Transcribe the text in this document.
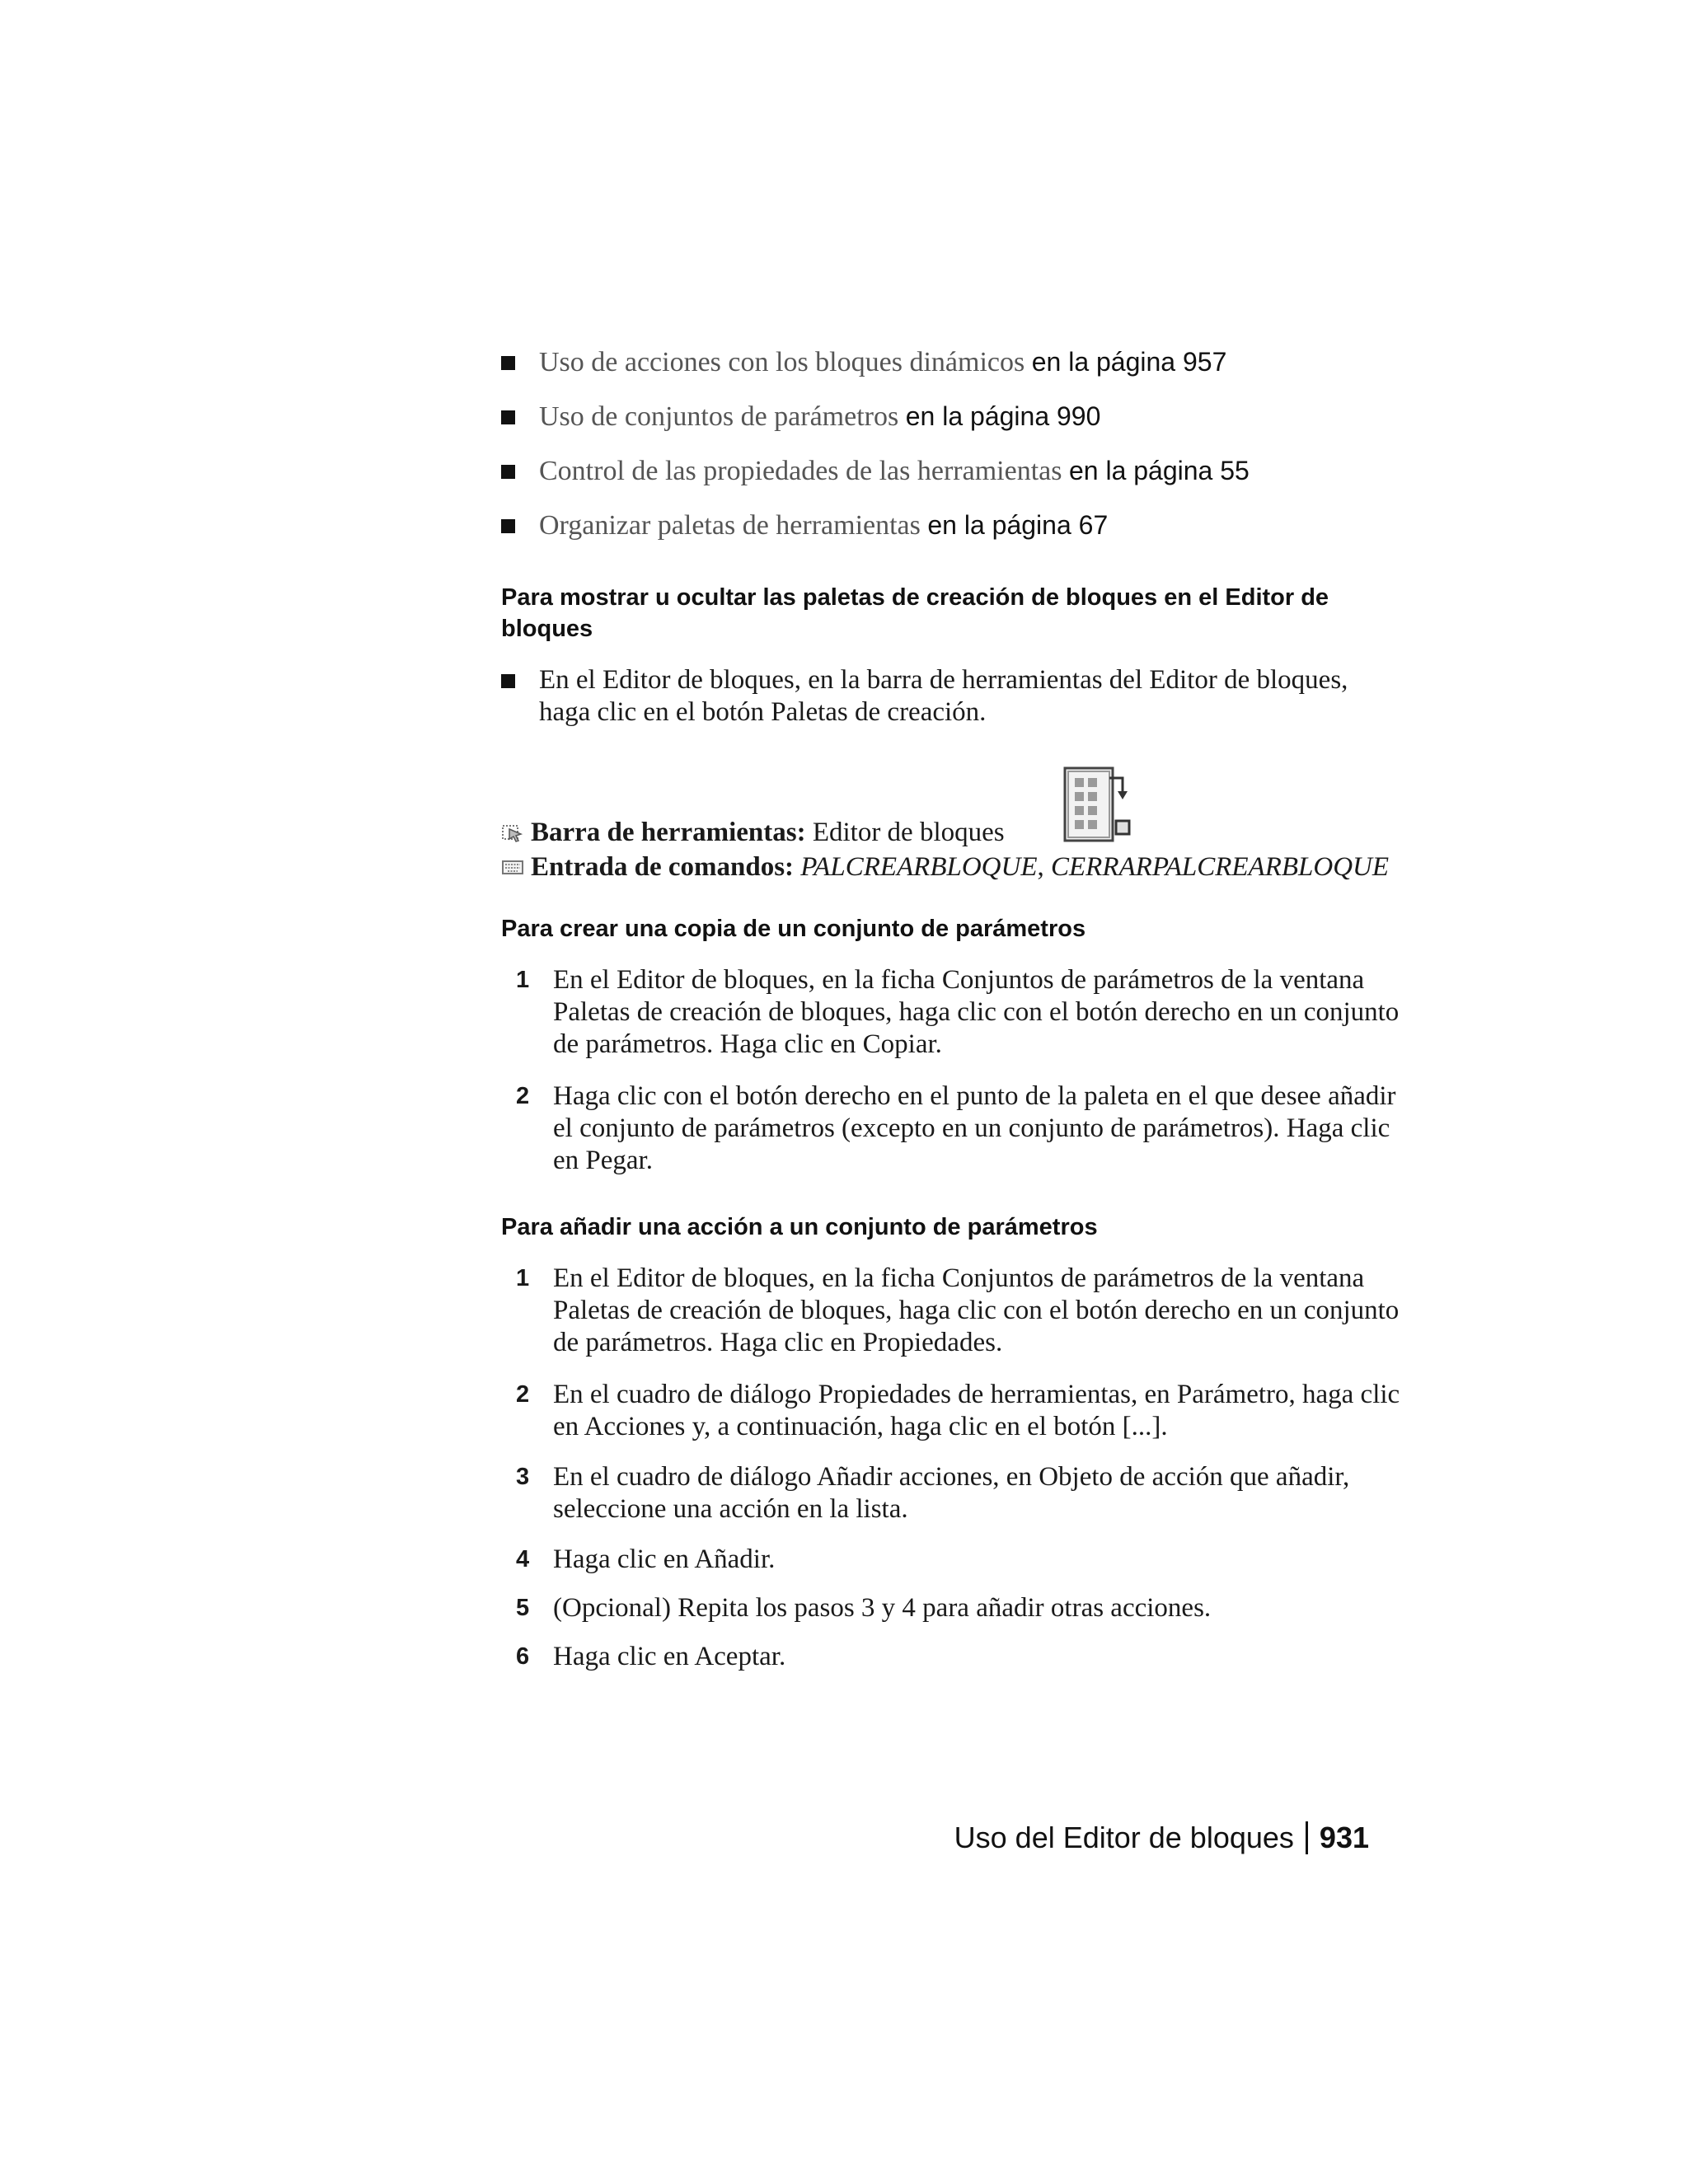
Uso de acciones con los bloques dinámicos en la página 957
Uso de conjuntos de parámetros en la página 990
Control de las propiedades de las herramientas en la página 55
Organizar paletas de herramientas en la página 67
Para mostrar u ocultar las paletas de creación de bloques en el Editor de bloques
En el Editor de bloques, en la barra de herramientas del Editor de bloques, haga clic en el botón Paletas de creación.
Barra de herramientas: Editor de bloques
Entrada de comandos: PALCREARBLOQUE, CERRARPALCREARBLOQUE
Para crear una copia de un conjunto de parámetros
1 En el Editor de bloques, en la ficha Conjuntos de parámetros de la ventana Paletas de creación de bloques, haga clic con el botón derecho en un conjunto de parámetros. Haga clic en Copiar.
2 Haga clic con el botón derecho en el punto de la paleta en el que desee añadir el conjunto de parámetros (excepto en un conjunto de parámetros). Haga clic en Pegar.
Para añadir una acción a un conjunto de parámetros
1 En el Editor de bloques, en la ficha Conjuntos de parámetros de la ventana Paletas de creación de bloques, haga clic con el botón derecho en un conjunto de parámetros. Haga clic en Propiedades.
2 En el cuadro de diálogo Propiedades de herramientas, en Parámetro, haga clic en Acciones y, a continuación, haga clic en el botón [...].
3 En el cuadro de diálogo Añadir acciones, en Objeto de acción que añadir, seleccione una acción en la lista.
4 Haga clic en Añadir.
5 (Opcional) Repita los pasos 3 y 4 para añadir otras acciones.
6 Haga clic en Aceptar.
Uso del Editor de bloques 931
